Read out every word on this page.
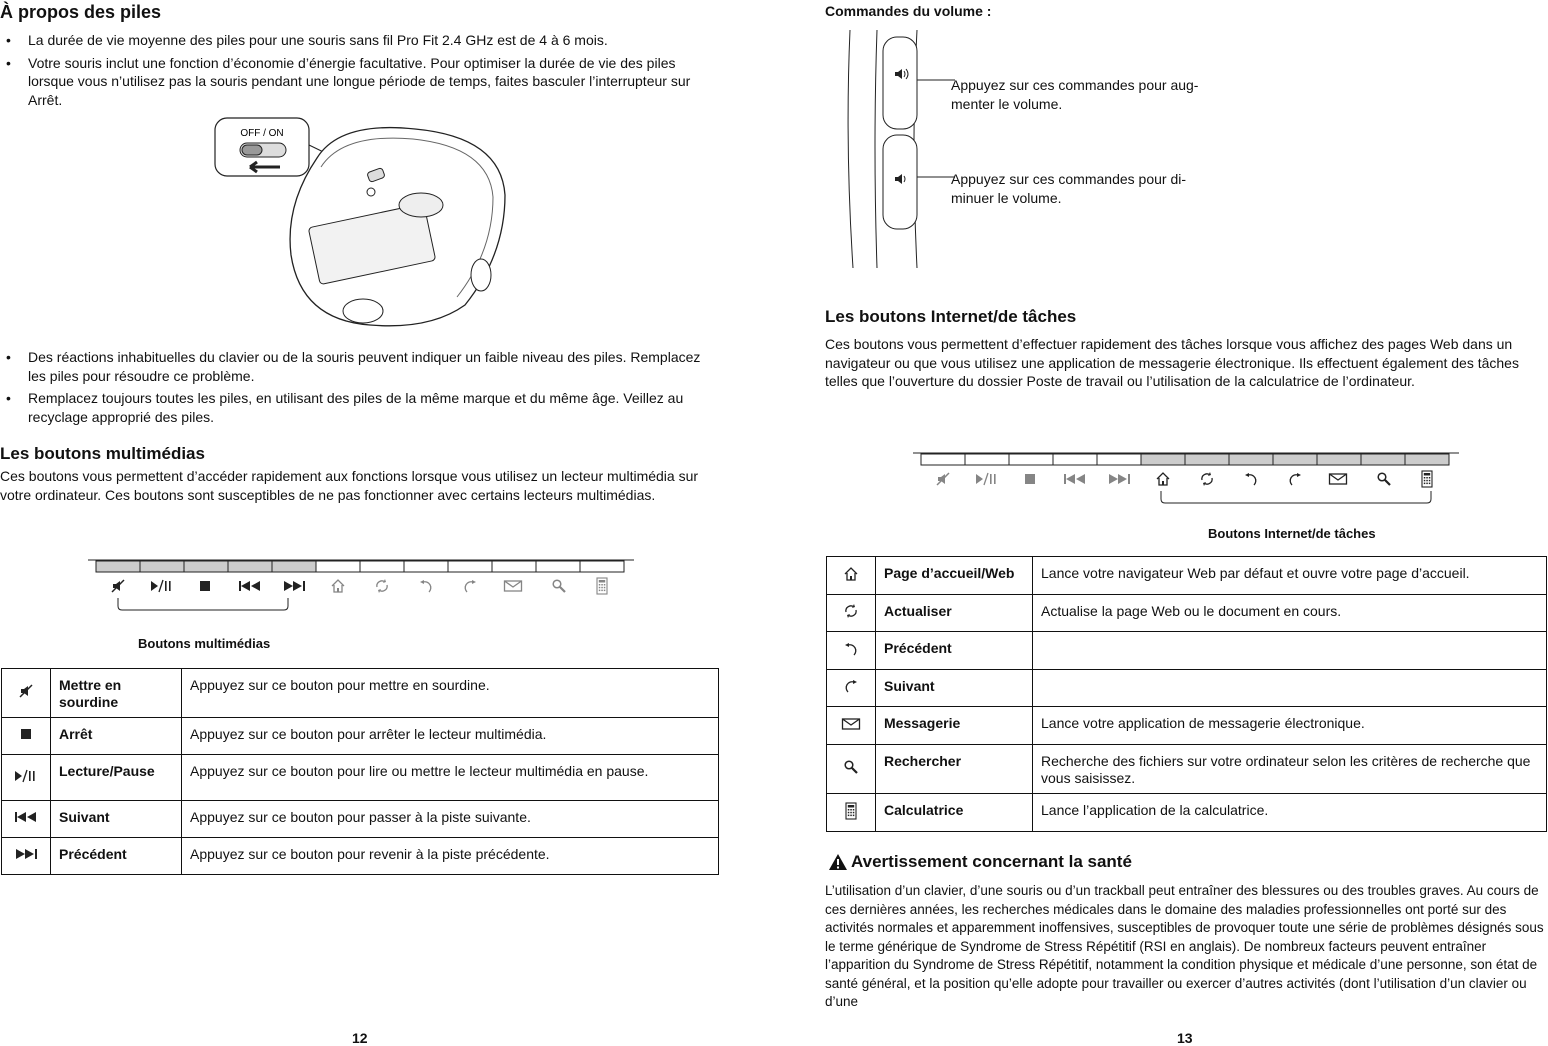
À propos des piles
• La durée de vie moyenne des piles pour une souris sans fil Pro Fit 2.4 GHz est de 4 à 6 mois.
• Votre souris inclut une fonction d’économie d’énergie facultative. Pour optimiser la durée de vie des piles lorsque vous n’utilisez pas la souris pendant une longue période de temps, faites basculer l’interrupteur sur Arrêt.
OFF / ON
• Des réactions inhabituelles du clavier ou de la souris peuvent indiquer un faible niveau des piles. Remplacez les piles pour résoudre ce problème.
• Remplacez toujours toutes les piles, en utilisant des piles de la même marque et du même âge. Veillez au recyclage approprié des piles.
Les boutons multimédias
Ces boutons vous permettent d’accéder rapidement aux fonctions lorsque vous utilisez un lecteur multimédia sur votre ordinateur. Ces boutons sont susceptibles de ne pas fonctionner avec certains lecteurs multimédias.
Boutons multimédias
	Mettre en sourdine	Appuyez sur ce bouton pour mettre en sourdine.
	Arrêt	Appuyez sur ce bouton pour arrêter le lecteur multimédia.
	Lecture/Pause	Appuyez sur ce bouton pour lire ou mettre le lecteur multimédia en pause.
	Suivant	Appuyez sur ce bouton pour passer à la piste suivante.
	Précédent	Appuyez sur ce bouton pour revenir à la piste précédente.
12
Commandes du volume :
Appuyez sur ces commandes pour aug-
menter le volume.
Appuyez sur ces commandes pour di-
minuer le volume.
Les boutons Internet/de tâches
Ces boutons vous permettent d’effectuer rapidement des tâches lorsque vous affichez des pages Web dans un navigateur ou que vous utilisez une application de messagerie électronique. Ils effectuent également des tâches telles que l’ouverture du dossier Poste de travail ou l’utilisation de la calculatrice de l’ordinateur.
Boutons Internet/de tâches
	Page d’accueil/Web	Lance votre navigateur Web par défaut et ouvre votre page d’accueil.
	Actualiser	Actualise la page Web ou le document en cours.
	Précédent	
	Suivant	
	Messagerie	Lance votre application de messagerie électronique.
	Rechercher	Recherche des fichiers sur votre ordinateur selon les critères de recherche que vous saisissez.
	Calculatrice	Lance l’application de la calculatrice.
Avertissement concernant la santé
L’utilisation d’un clavier, d’une souris ou d’un trackball peut entraîner des blessures ou des troubles graves. Au cours de ces dernières années, les recherches médicales dans le domaine des maladies professionnelles ont porté sur des activités normales et apparemment inoffensives, susceptibles de provoquer toute une série de problèmes désignés sous le terme générique de Syndrome de Stress Répétitif (RSI en anglais). De nombreux facteurs peuvent entraîner l’apparition du Syndrome de Stress Répétitif, notamment la condition physique et médicale d’une personne, son état de santé général, et la position qu’elle adopte pour travailler ou exercer d’autres activités (dont l’utilisation d’un clavier ou d’une
13
